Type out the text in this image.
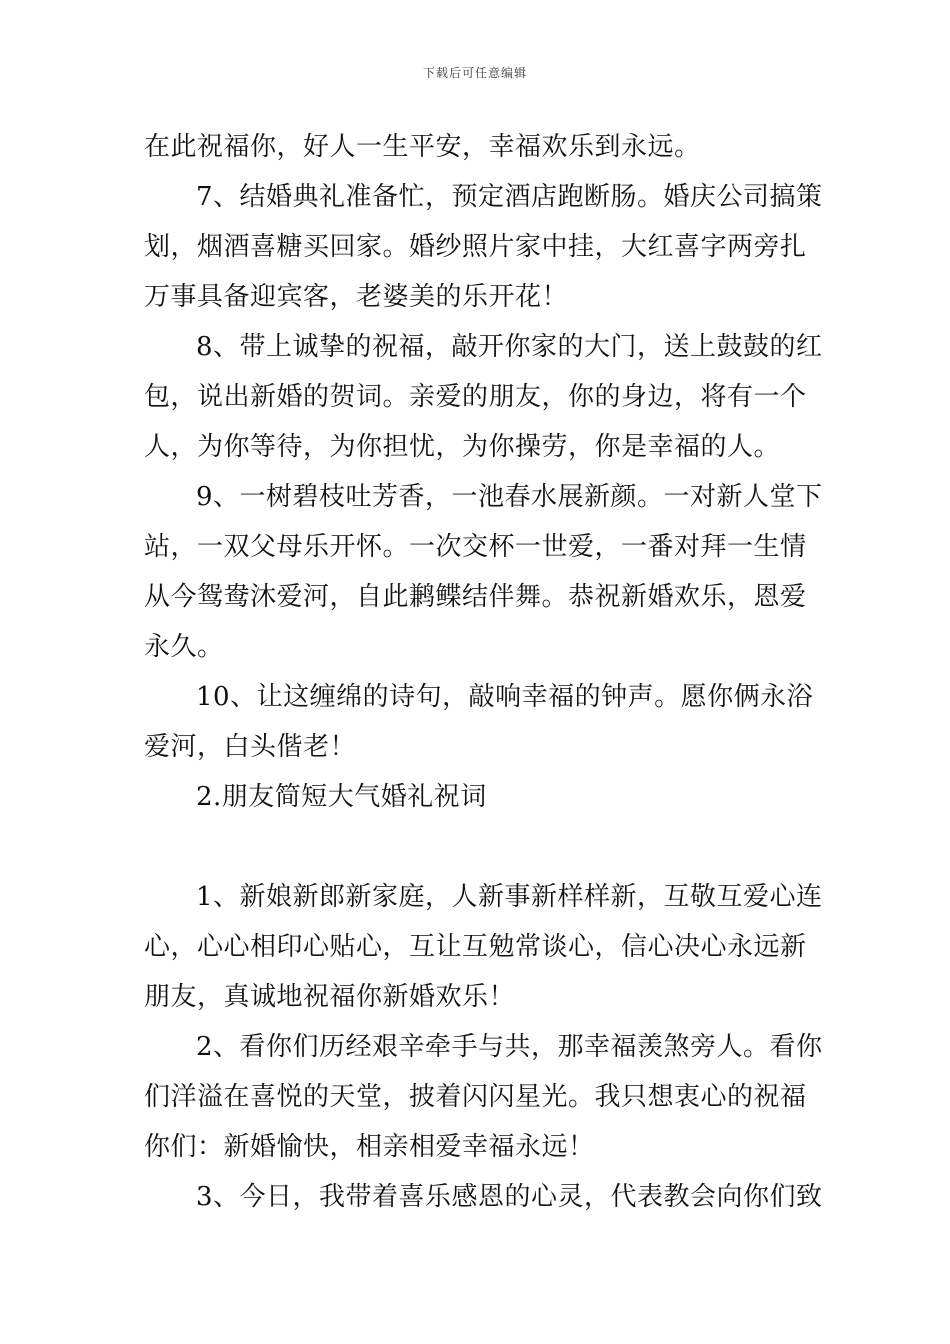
下载后可任意编辑
在此祝福你，好人一生平安，幸福欢乐到永远。
7、结婚典礼准备忙，预定酒店跑断肠。婚庆公司搞策
划，烟酒喜糖买回家。婚纱照片家中挂，大红喜字两旁扎
万事具备迎宾客，老婆美的乐开花！
8、带上诚挚的祝福，敲开你家的大门，送上鼓鼓的红
包，说出新婚的贺词。亲爱的朋友，你的身边，将有一个
人，为你等待，为你担忧，为你操劳，你是幸福的人。
9、一树碧枝吐芳香，一池春水展新颜。一对新人堂下
站，一双父母乐开怀。一次交杯一世爱，一番对拜一生情
从今鸳鸯沐爱河，自此鹣鲽结伴舞。恭祝新婚欢乐，恩爱
永久。
10、让这缠绵的诗句，敲响幸福的钟声。愿你俩永浴
爱河，白头偕老！
2.朋友简短大气婚礼祝词
1、新娘新郎新家庭，人新事新样样新，互敬互爱心连
心，心心相印心贴心，互让互勉常谈心，信心决心永远新
朋友，真诚地祝福你新婚欢乐！
2、看你们历经艰辛牵手与共，那幸福羡煞旁人。看你
们洋溢在喜悦的天堂，披着闪闪星光。我只想衷心的祝福
你们：新婚愉快，相亲相爱幸福永远！
3、今日，我带着喜乐感恩的心灵，代表教会向你们致
